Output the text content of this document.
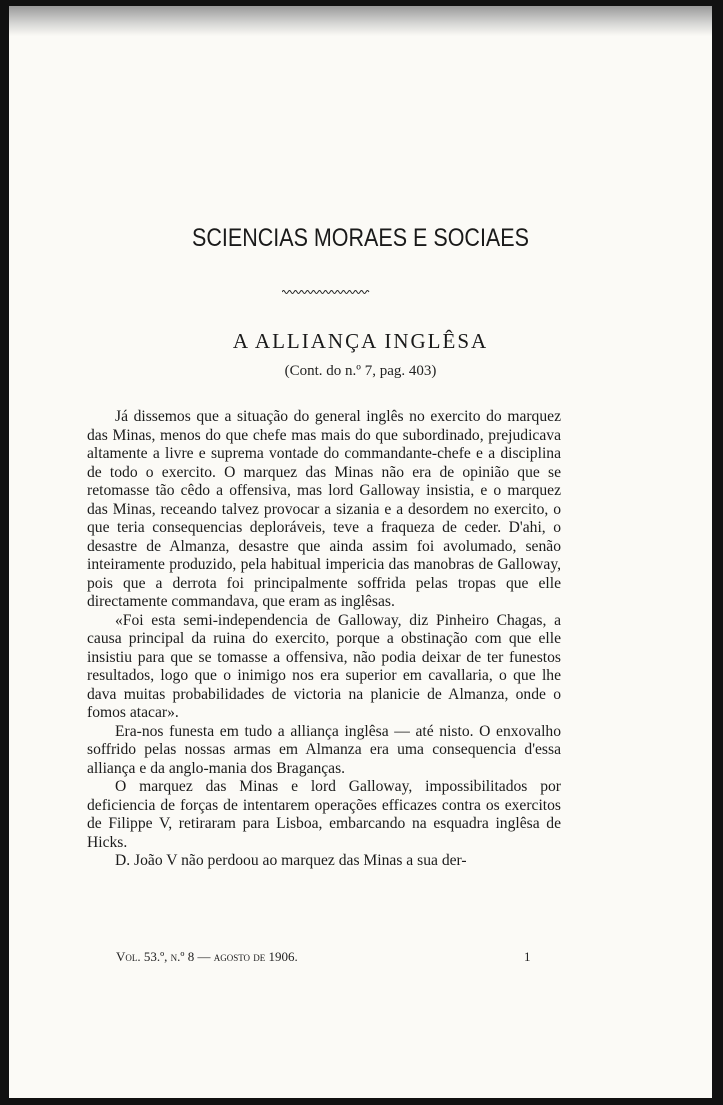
SCIENCIAS MORAES E SOCIAES
A ALLIANÇA INGLÊSA
(Cont. do n.º 7, pag. 403)

Já dissemos que a situação do general inglês no exercito do marquez das Minas, menos do que chefe mas mais do que subordinado, prejudicava altamente a livre e suprema vontade do commandante-chefe e a disciplina de todo o exercito. O marquez das Minas não era de opinião que se retomasse tão cêdo a offensiva, mas lord Galloway insistia, e o marquez das Minas, receando talvez provocar a sizania e a desordem no exercito, o que teria consequencias deploráveis, teve a fraqueza de ceder. D'ahi, o desastre de Almanza, desastre que ainda assim foi avolumado, senão inteiramente produzido, pela habitual impericia das manobras de Galloway, pois que a derrota foi principalmente soffrida pelas tropas que elle directamente commandava, que eram as inglêsas.

«Foi esta semi-independencia de Galloway, diz Pinheiro Chagas, a causa principal da ruina do exercito, porque a obstinação com que elle insistiu para que se tomasse a offensiva, não podia deixar de ter funestos resultados, logo que o inimigo nos era superior em cavallaria, o que lhe dava muitas probabilidades de victoria na planicie de Almanza, onde o fomos atacar».

Era-nos funesta em tudo a alliança inglêsa — até nisto. O enxovalho soffrido pelas nossas armas em Almanza era uma consequencia d'essa alliança e da anglo-mania dos Braganças.

O marquez das Minas e lord Galloway, impossibilitados por deficiencia de forças de intentarem operações efficazes contra os exercitos de Filippe V, retiraram para Lisboa, embarcando na esquadra inglêsa de Hicks.

D. João V não perdoou ao marquez das Minas a sua der-

Vol. 53.º, n.º 8 — agosto de 1906.	1
